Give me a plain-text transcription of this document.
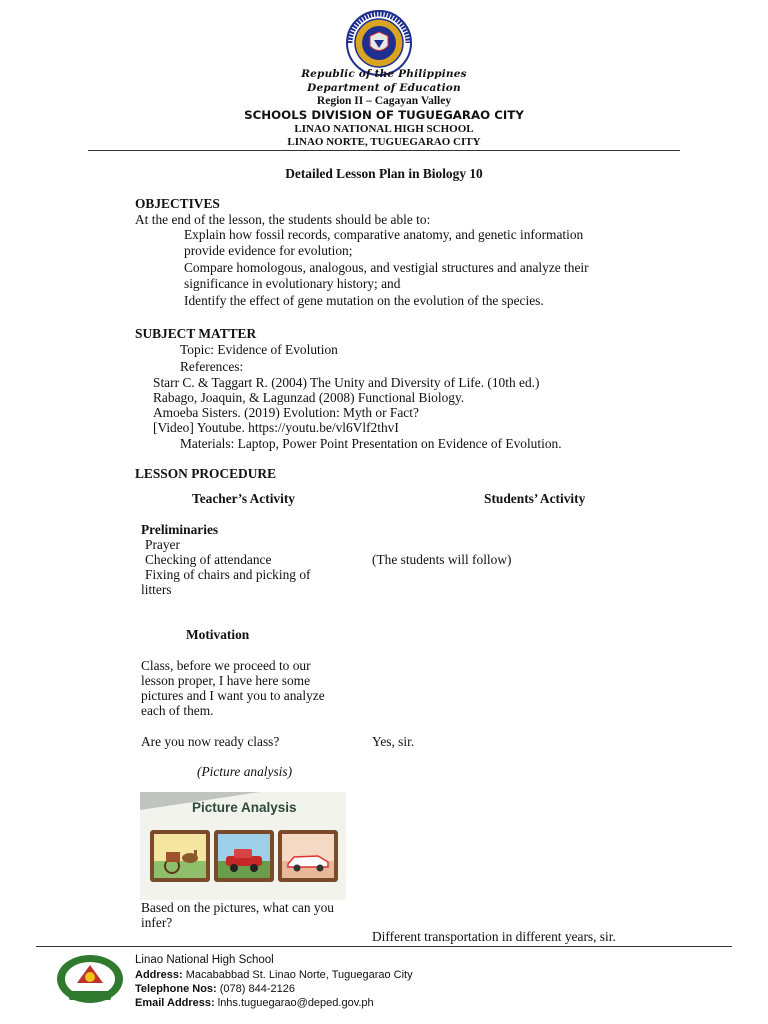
Republic of the Philippines
Department of Education
Region II – Cagayan Valley
SCHOOLS DIVISION OF TUGUEGARAO CITY
LINAO NATIONAL HIGH SCHOOL
LINAO NORTE, TUGUEGARAO CITY
Detailed Lesson Plan in Biology 10
OBJECTIVES
At the end of the lesson, the students should be able to:
Explain how fossil records, comparative anatomy, and genetic information
provide evidence for evolution;
Compare homologous, analogous, and vestigial structures and analyze their
significance in evolutionary history; and
Identify the effect of gene mutation on the evolution of the species.
SUBJECT MATTER
Topic: Evidence of Evolution
References:
Starr C. & Taggart R. (2004) The Unity and Diversity of Life. (10th ed.)
Rabago, Joaquin, & Lagunzad (2008) Functional Biology.
Amoeba Sisters. (2019) Evolution: Myth or Fact?
[Video] Youtube. https://youtu.be/vl6Vlf2thvI
Materials: Laptop, Power Point Presentation on Evidence of Evolution.
LESSON PROCEDURE
Teacher’s Activity	Students’ Activity
Preliminaries
Prayer
Checking of attendance
Fixing of chairs and picking of
litters
(The students will follow)
Motivation
Class, before we proceed to our
lesson proper, I have here some
pictures and I want you to analyze
each of them.
Are you now ready class?	Yes, sir.
(Picture analysis)
Picture Analysis
Based on the pictures, what can you
infer?
Different transportation in different years, sir.
Linao National High School
Address: Macababbad St. Linao Norte, Tuguegarao City
Telephone Nos: (078) 844-2126
Email Address: lnhs.tuguegarao@deped.gov.ph
